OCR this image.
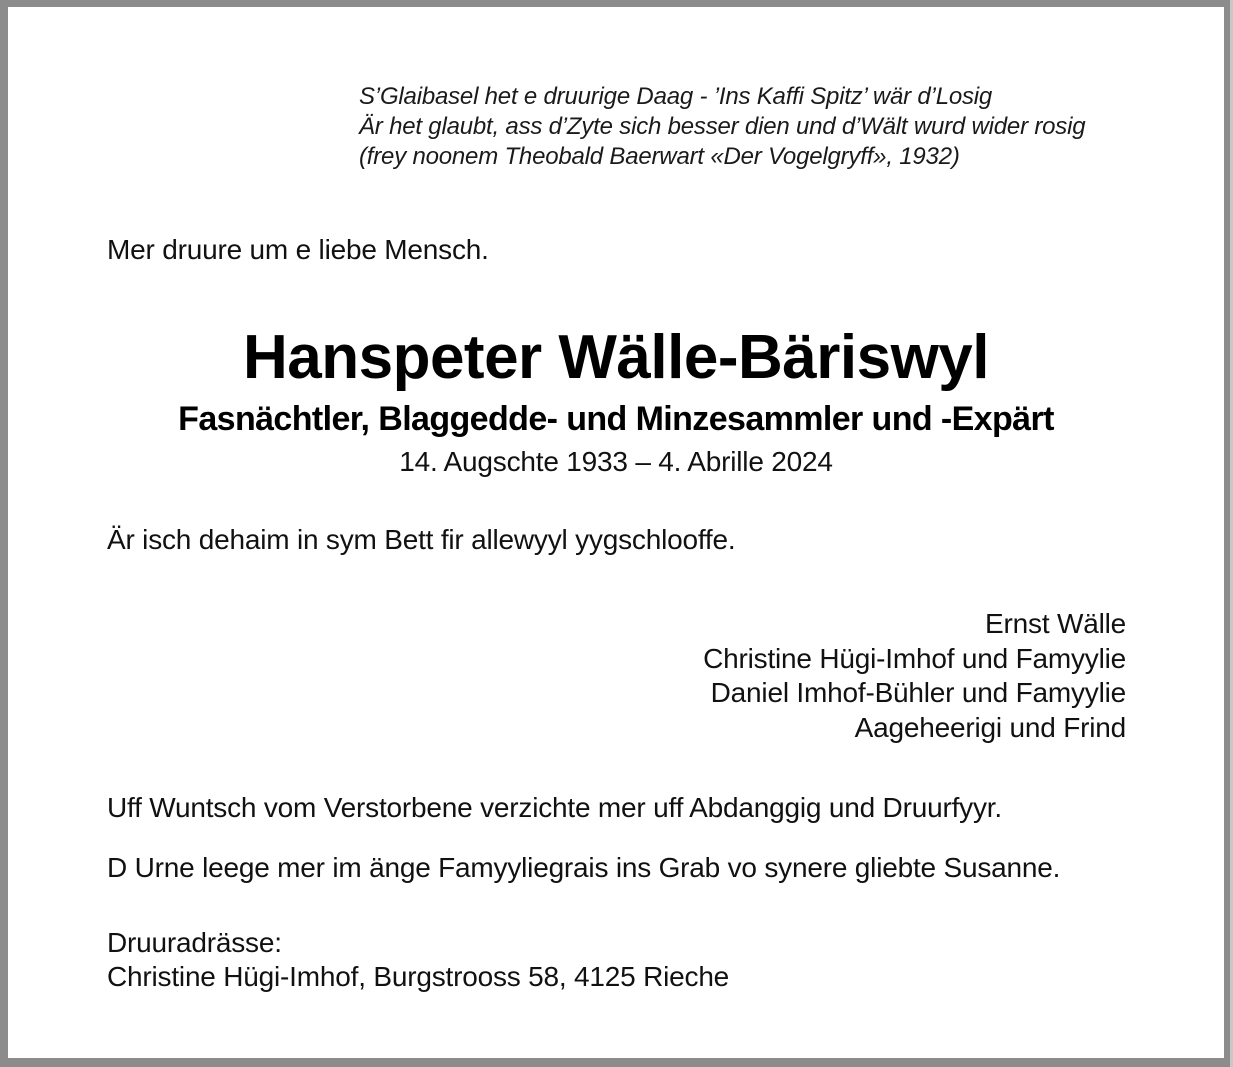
S’Glaibasel het e druurige Daag - ’Ins Kaffi Spitz’ wär d’Losig
Är het glaubt, ass d’Zyte sich besser dien und d’Wält wurd wider rosig
(frey noonem Theobald Baerwart «Der Vogelgryff», 1932)
Mer druure um e liebe Mensch.
Hanspeter Wälle-Bäriswyl
Fasnächtler, Blaggedde- und Minzesammler und -Expärt
14. Augschte 1933 – 4. Abrille 2024
Är isch dehaim in sym Bett fir allewyyl yygschlooffe.
Ernst Wälle
Christine Hügi-Imhof und Famyylie
Daniel Imhof-Bühler und Famyylie
Aageheerigi und Frind
Uff Wuntsch vom Verstorbene verzichte mer uff Abdanggig und Druurfyyr.
D Urne leege mer im änge Famyyliegrais ins Grab vo synere gliebte Susanne.
Druuradrässe:
Christine Hügi-Imhof, Burgstrooss 58, 4125 Rieche
